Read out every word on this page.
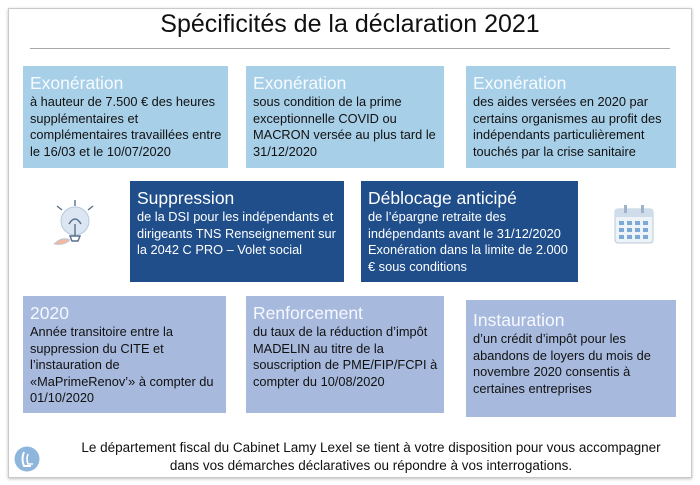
Spécificités de la déclaration 2021
Exonération
à hauteur de 7.500 € des heures supplémentaires et complémentaires travaillées entre le 16/03 et le 10/07/2020
Exonération
sous condition de la prime exceptionnelle COVID ou MACRON versée au plus tard le 31/12/2020
Exonération
des aides versées en 2020 par certains organismes au profit des indépendants particulièrement touchés par la crise sanitaire
Suppression
de la DSI pour les indépendants et dirigeants TNS Renseignement sur la 2042 C PRO – Volet social
Déblocage anticipé
de l’épargne retraite des indépendants avant le 31/12/2020 Exonération dans la limite de 2.000 € sous conditions
2020
Année transitoire entre la suppression du CITE et l’instauration de «MaPrimeRenov’» à compter du 01/10/2020
Renforcement
du taux de la réduction d’impôt MADELIN au titre de la souscription de PME/FIP/FCPI à compter du 10/08/2020
Instauration
d’un crédit d’impôt pour les abandons de loyers du mois de novembre 2020 consentis à certaines entreprises
Le département fiscal du Cabinet Lamy Lexel se tient à votre disposition pour vous accompagner dans vos démarches déclaratives ou répondre à vos interrogations.
